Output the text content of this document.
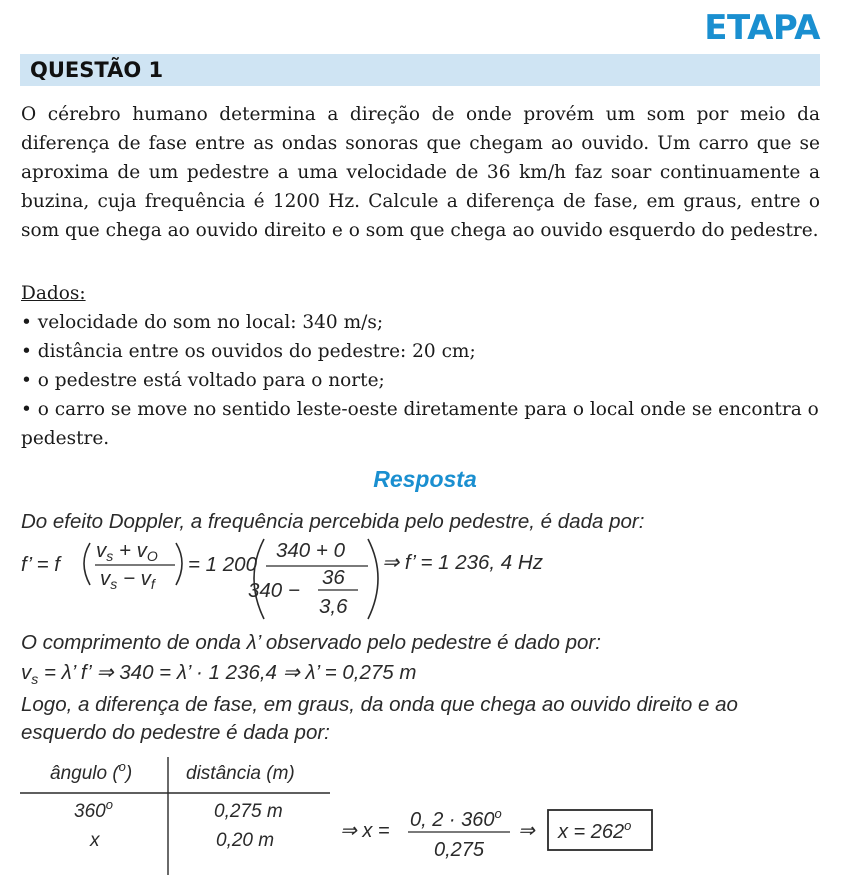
ETAPA
QUESTÃO 1
O cérebro humano determina a direção de onde provém um som por meio da diferença de fase entre as ondas sonoras que chegam ao ouvido. Um carro que se aproxima de um pedestre a uma velocidade de 36 km/h faz soar continuamente a buzina, cuja frequência é 1200 Hz. Calcule a diferença de fase, em graus, entre o som que chega ao ouvido direito e o som que chega ao ouvido esquerdo do pedestre.
Dados:
• velocidade do som no local: 340 m/s;
• distância entre os ouvidos do pedestre: 20 cm;
• o pedestre está voltado para o norte;
• o carro se move no sentido leste-oeste diretamente para o local onde se encontra o pedestre.
Resposta
Do efeito Doppler, a frequência percebida pelo pedestre, é dada por:
f’ = f
vs + vO
vs − vf
= 1 200
340 + 0
340 −
36
3,6
⇒ f’ = 1 236, 4 Hz
O comprimento de onda λ’ observado pelo pedestre é dado por:
$v_s = \lambda$’ f’ ⇒ 340 = λ’ · 1 236,4 ⇒ λ’ = 0,275 m
Logo, a diferença de fase, em graus, da onda que chega ao ouvido direito e ao
esquerdo do pedestre é dada por:
ângulo ($^o$)	distância (m)
360$^o$	0,275 m
x	0,20 m	⇒ x = 0, $2 \cdot 360^o$
0,275
⇒ $x = 262^o$
